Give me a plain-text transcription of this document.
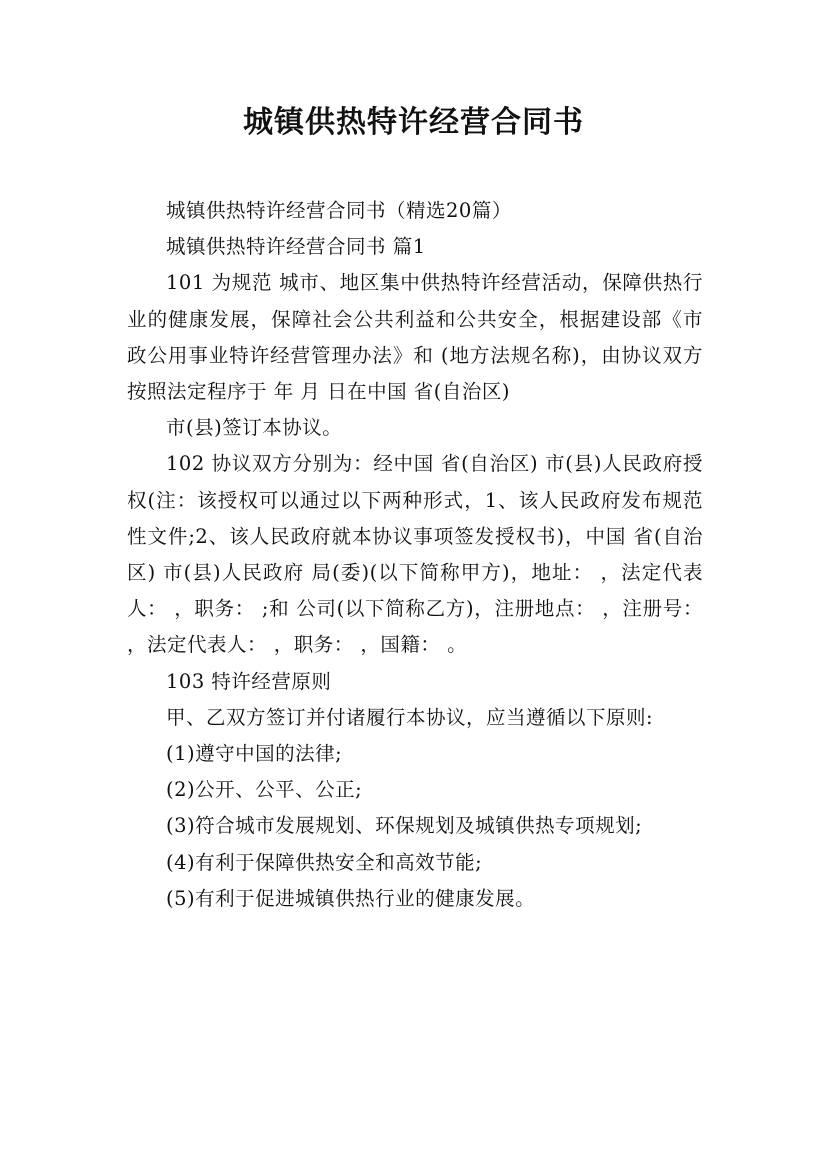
城镇供热特许经营合同书

城镇供热特许经营合同书（精选20篇）

城镇供热特许经营合同书 篇1

101 为规范 城市、地区集中供热特许经营活动，保障供热行业的健康发展，保障社会公共利益和公共安全，根据建设部《市政公用事业特许经营管理办法》和 (地方法规名称)，由协议双方按照法定程序于 年 月 日在中国 省(自治区)

市(县)签订本协议。

102 协议双方分别为：经中国 省(自治区) 市(县)人民政府授权(注：该授权可以通过以下两种形式，1、该人民政府发布规范性文件;2、该人民政府就本协议事项签发授权书)，中国 省(自治区) 市(县)人民政府 局(委)(以下简称甲方)，地址： ，法定代表人： ，职务： ;和 公司(以下简称乙方)，注册地点： ，注册号： ，法定代表人： ，职务： ，国籍： 。

103 特许经营原则

甲、乙双方签订并付诸履行本协议，应当遵循以下原则:

(1)遵守中国的法律;

(2)公开、公平、公正;

(3)符合城市发展规划、环保规划及城镇供热专项规划;

(4)有利于保障供热安全和高效节能;

(5)有利于促进城镇供热行业的健康发展。
